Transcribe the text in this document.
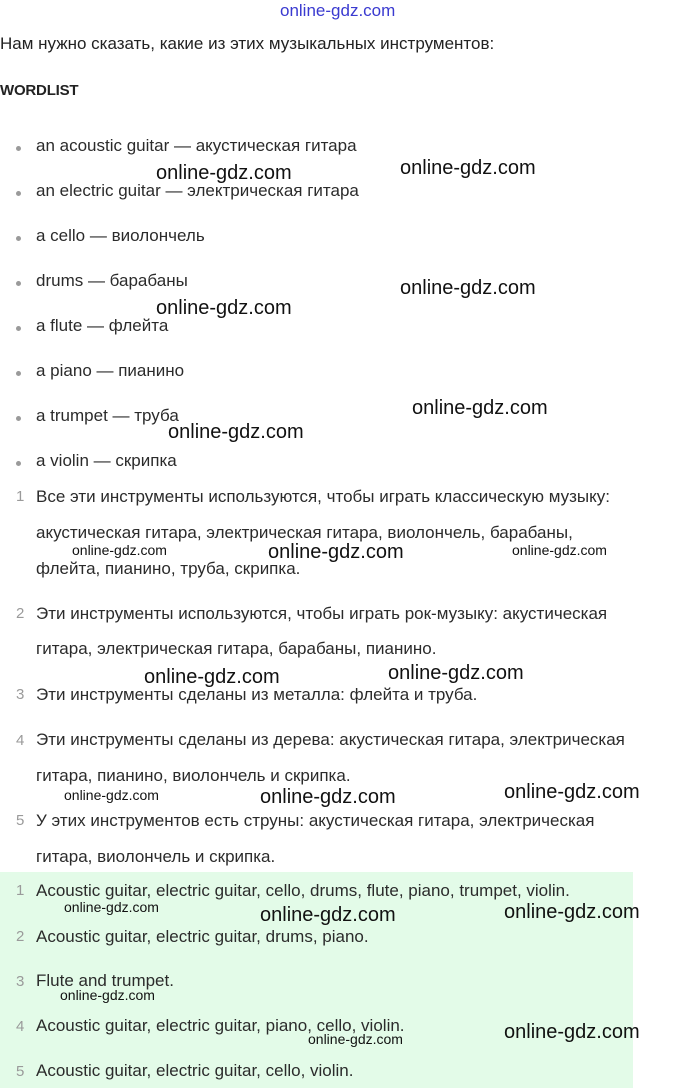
online-gdz.com
Нам нужно сказать, какие из этих музыкальных инструментов:
WORDLIST
an acoustic guitar — акустическая гитара
an electric guitar — электрическая гитара
a cello — виолончель
drums — барабаны
a flute — флейта
a piano — пианино
a trumpet — труба
a violin — скрипка
1 Все эти инструменты используются, чтобы играть классическую музыку:
акустическая гитара, электрическая гитара, виолончель, барабаны,
флейта, пианино, труба, скрипка.
2 Эти инструменты используются, чтобы играть рок-музыку: акустическая
гитара, электрическая гитара, барабаны, пианино.
3 Эти инструменты сделаны из металла: флейта и труба.
4 Эти инструменты сделаны из дерева: акустическая гитара, электрическая
гитара, пианино, виолончель и скрипка.
5 У этих инструментов есть струны: акустическая гитара, электрическая
гитара, виолончель и скрипка.
1 Acoustic guitar, electric guitar, cello, drums, flute, piano, trumpet, violin.
2 Acoustic guitar, electric guitar, drums, piano.
3 Flute and trumpet.
4 Acoustic guitar, electric guitar, piano, cello, violin.
5 Acoustic guitar, electric guitar, cello, violin.
online-gdz.com	online-gdz.com
online-gdz.com
online-gdz.com
online-gdz.com
online-gdz.com
online-gdz.com	online-gdz.com	online-gdz.com
online-gdz.com	online-gdz.com
online-gdz.com	online-gdz.com	online-gdz.com
online-gdz.com	online-gdz.com	online-gdz.com
online-gdz.com
online-gdz.com
online-gdz.com
